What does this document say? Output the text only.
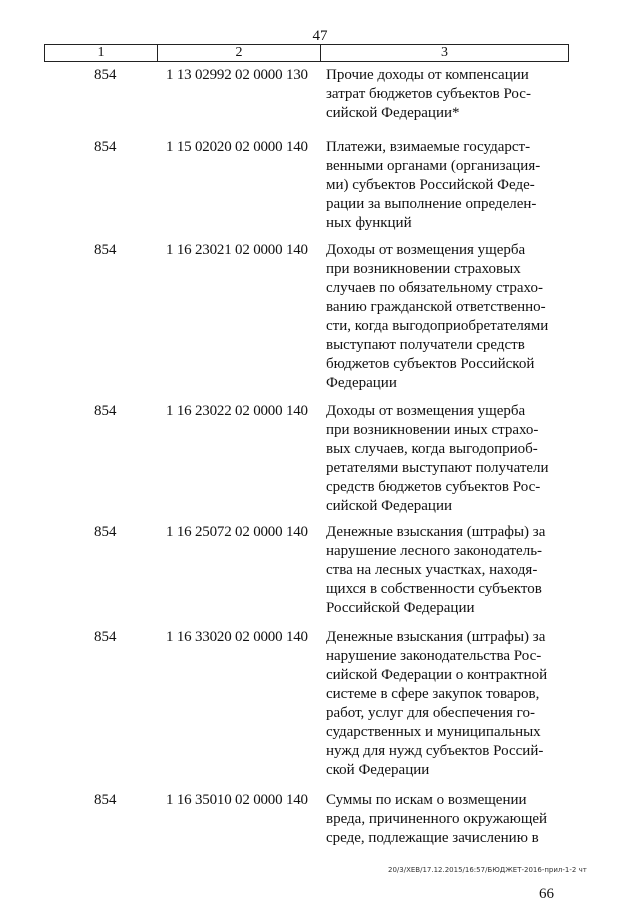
47
1	2	3
854	1 13 02992 02 0000 130	Прочие доходы от компенсации
затрат бюджетов субъектов Рос-
сийской Федерации*
854	1 15 02020 02 0000 140	Платежи, взимаемые государст-
венными органами (организация-
ми) субъектов Российской Феде-
рации за выполнение определен-
ных функций
854	1 16 23021 02 0000 140	Доходы от возмещения ущерба
при возникновении страховых
случаев по обязательному страхо-
ванию гражданской ответственно-
сти, когда выгодоприобретателями
выступают получатели средств
бюджетов субъектов Российской
Федерации
854	1 16 23022 02 0000 140	Доходы от возмещения ущерба
при возникновении иных страхо-
вых случаев, когда выгодоприоб-
ретателями выступают получатели
средств бюджетов субъектов Рос-
сийской Федерации
854	1 16 25072 02 0000 140	Денежные взыскания (штрафы) за
нарушение лесного законодатель-
ства на лесных участках, находя-
щихся в собственности субъектов
Российской Федерации
854	1 16 33020 02 0000 140	Денежные взыскания (штрафы) за
нарушение законодательства Рос-
сийской Федерации о контрактной
системе в сфере закупок товаров,
работ, услуг для обеспечения го-
сударственных и муниципальных
нужд для нужд субъектов Россий-
ской Федерации
854	1 16 35010 02 0000 140	Суммы по искам о возмещении
вреда, причиненного окружающей
среде, подлежащие зачислению в
20/3/ХЕВ/17.12.2015/16:57/БЮДЖЕТ-2016-прил-1-2 чт
66
